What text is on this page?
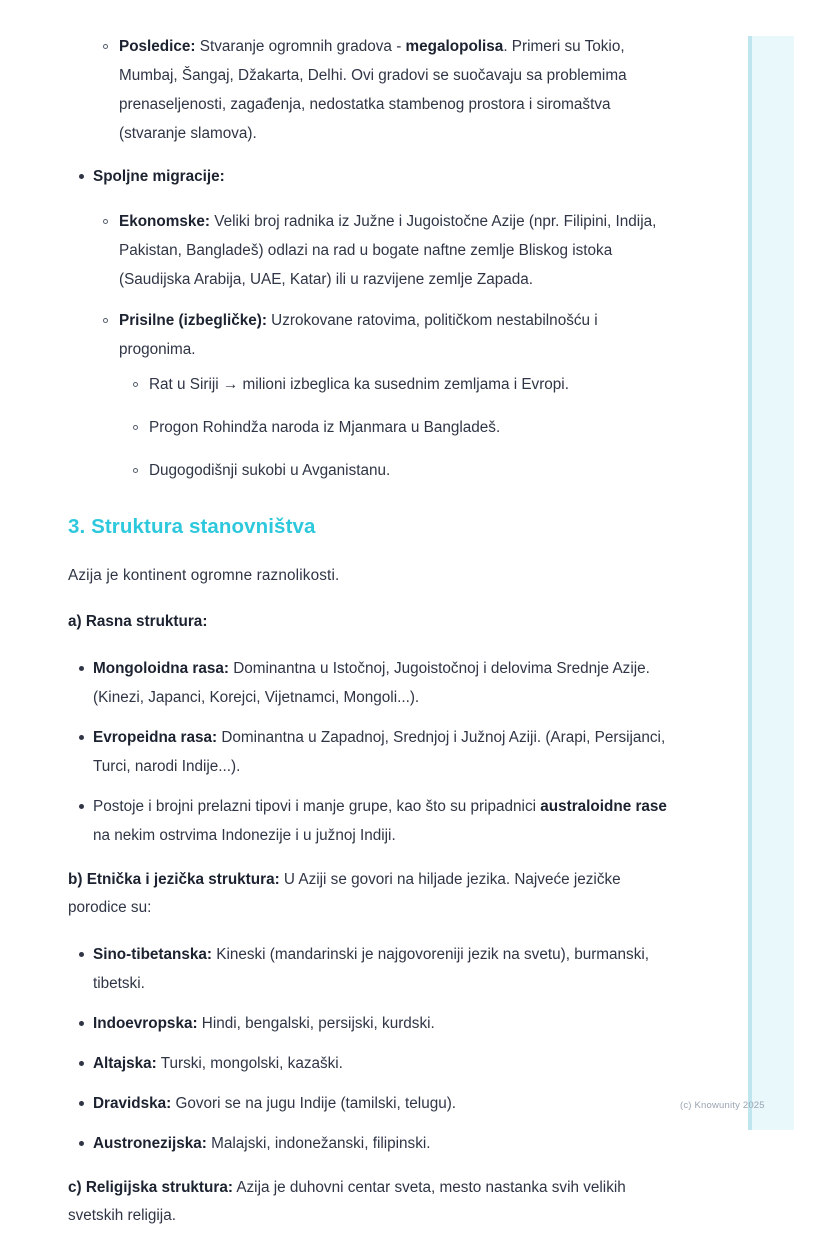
Posledice: Stvaranje ogromnih gradova - megalopolisa. Primeri su Tokio, Mumbaj, Šangaj, Džakarta, Delhi. Ovi gradovi se suočavaju sa problemima prenaseljenosti, zagađenja, nedostatka stambenog prostora i siromaštva (stvaranje slamova).
Spoljne migracije:
Ekonomske: Veliki broj radnika iz Južne i Jugoistočne Azije (npr. Filipini, Indija, Pakistan, Bangladeš) odlazi na rad u bogate naftne zemlje Bliskog istoka (Saudijska Arabija, UAE, Katar) ili u razvijene zemlje Zapada.
Prisilne (izbegličke): Uzrokovane ratovima, političkom nestabilnošću i progonima.
Rat u Siriji → milioni izbeglica ka susednim zemljama i Evropi.
Progon Rohindža naroda iz Mjanmara u Bangladeš.
Dugogodišnji sukobi u Avganistanu.
3. Struktura stanovništva

Azija je kontinent ogromne raznolikosti.

a) Rasna struktura:
Mongoloidna rasa: Dominantna u Istočnoj, Jugoistočnoj i delovima Srednje Azije. (Kinezi, Japanci, Korejci, Vijetnamci, Mongoli...).
Evropeidna rasa: Dominantna u Zapadnoj, Srednjoj i Južnoj Aziji. (Arapi, Persijanci, Turci, narodi Indije...).
Postoje i brojni prelazni tipovi i manje grupe, kao što su pripadnici australoidne rase na nekim ostrvima Indonezije i u južnoj Indiji.
b) Etnička i jezička struktura: U Aziji se govori na hiljade jezika. Najveće jezičke porodice su:
Sino-tibetanska: Kineski (mandarinski je najgovoreniji jezik na svetu), burmanski, tibetski.
Indoevropska: Hindi, bengalski, persijski, kurdski.
Altajska: Turski, mongolski, kazaški.
Dravidska: Govori se na jugu Indije (tamilski, telugu).
Austronezijska: Malajski, indonežanski, filipinski.
c) Religijska struktura: Azija je duhovni centar sveta, mesto nastanka svih velikih svetskih religija.
(c) Knowunity 2025
